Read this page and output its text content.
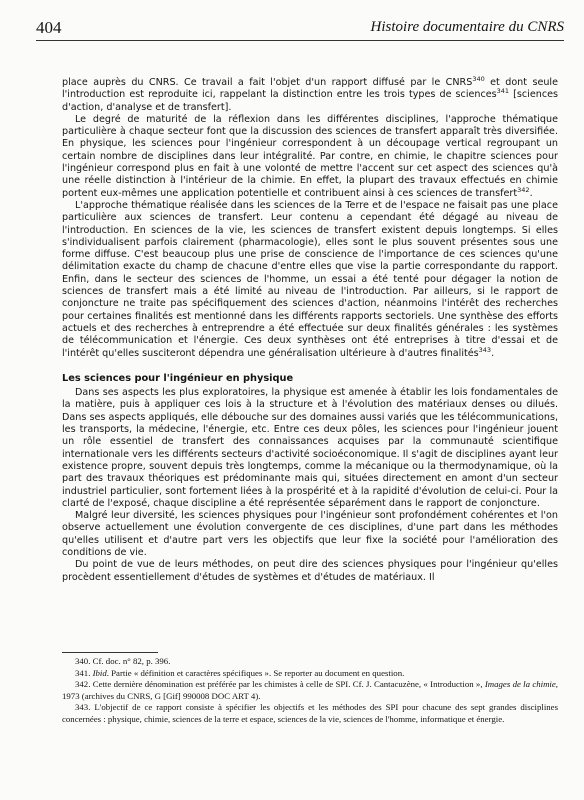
404	Histoire documentaire du CNRS

place auprès du CNRS. Ce travail a fait l'objet d'un rapport diffusé par le CNRS$^{340}$ et dont seule l'introduction est reproduite ici, rappelant la distinction entre les trois types de sciences$^{341}$ [sciences d'action, d'analyse et de transfert].

Le degré de maturité de la réflexion dans les différentes disciplines, l'approche thématique particulière à chaque secteur font que la discussion des sciences de transfert apparaît très diversifiée. En physique, les sciences pour l'ingénieur correspondent à un découpage vertical regroupant un certain nombre de disciplines dans leur intégralité. Par contre, en chimie, le chapitre sciences pour l'ingénieur correspond plus en fait à une volonté de mettre l'accent sur cet aspect des sciences qu'à une réelle distinction à l'intérieur de la chimie. En effet, la plupart des travaux effectués en chimie portent eux-mêmes une application potentielle et contribuent ainsi à ces sciences de transfert$^{342}$.

L'approche thématique réalisée dans les sciences de la Terre et de l'espace ne faisait pas une place particulière aux sciences de transfert. Leur contenu a cependant été dégagé au niveau de l'introduction. En sciences de la vie, les sciences de transfert existent depuis longtemps. Si elles s'individualisent parfois clairement (pharmacologie), elles sont le plus souvent présentes sous une forme diffuse. C'est beaucoup plus une prise de conscience de l'importance de ces sciences qu'une délimitation exacte du champ de chacune d'entre elles que vise la partie correspondante du rapport. Enfin, dans le secteur des sciences de l'homme, un essai a été tenté pour dégager la notion de sciences de transfert mais a été limité au niveau de l'introduction. Par ailleurs, si le rapport de conjoncture ne traite pas spécifiquement des sciences d'action, néanmoins l'intérêt des recherches pour certaines finalités est mentionné dans les différents rapports sectoriels. Une synthèse des efforts actuels et des recherches à entreprendre a été effectuée sur deux finalités générales : les systèmes de télécommunication et l'énergie. Ces deux synthèses ont été entreprises à titre d'essai et de l'intérêt qu'elles susciteront dépendra une généralisation ultérieure à d'autres finalités$^{343}$.

Les sciences pour l'ingénieur en physique

Dans ses aspects les plus exploratoires, la physique est amenée à établir les lois fondamentales de la matière, puis à appliquer ces lois à la structure et à l'évolution des matériaux denses ou dilués. Dans ses aspects appliqués, elle débouche sur des domaines aussi variés que les télécommunications, les transports, la médecine, l'énergie, etc. Entre ces deux pôles, les sciences pour l'ingénieur jouent un rôle essentiel de transfert des connaissances acquises par la communauté scientifique internationale vers les différents secteurs d'activité socioéconomique. Il s'agit de disciplines ayant leur existence propre, souvent depuis très longtemps, comme la mécanique ou la thermodynamique, où la part des travaux théoriques est prédominante mais qui, situées directement en amont d'un secteur industriel particulier, sont fortement liées à la prospérité et à la rapidité d'évolution de celui-ci. Pour la clarté de l'exposé, chaque discipline a été représentée séparément dans le rapport de conjoncture.

Malgré leur diversité, les sciences physiques pour l'ingénieur sont profondément cohérentes et l'on observe actuellement une évolution convergente de ces disciplines, d'une part dans les méthodes qu'elles utilisent et d'autre part vers les objectifs que leur fixe la société pour l'amélioration des conditions de vie.

Du point de vue de leurs méthodes, on peut dire des sciences physiques pour l'ingénieur qu'elles procèdent essentiellement d'études de systèmes et d'études de matériaux. Il

340. Cf. doc. n° 82, p. 396.

341. Ibid. Partie « définition et caractères spécifiques ». Se reporter au document en question.

342. Cette dernière dénomination est préférée par les chimistes à celle de SPI. Cf. J. Cantacuzène, « Introduction », Images de la chimie, 1973 (archives du CNRS, G [Gif] 990008 DOC ART 4).

343. L'objectif de ce rapport consiste à spécifier les objectifs et les méthodes des SPI pour chacune des sept grandes disciplines concernées : physique, chimie, sciences de la terre et espace, sciences de la vie, sciences de l'homme, informatique et énergie.
